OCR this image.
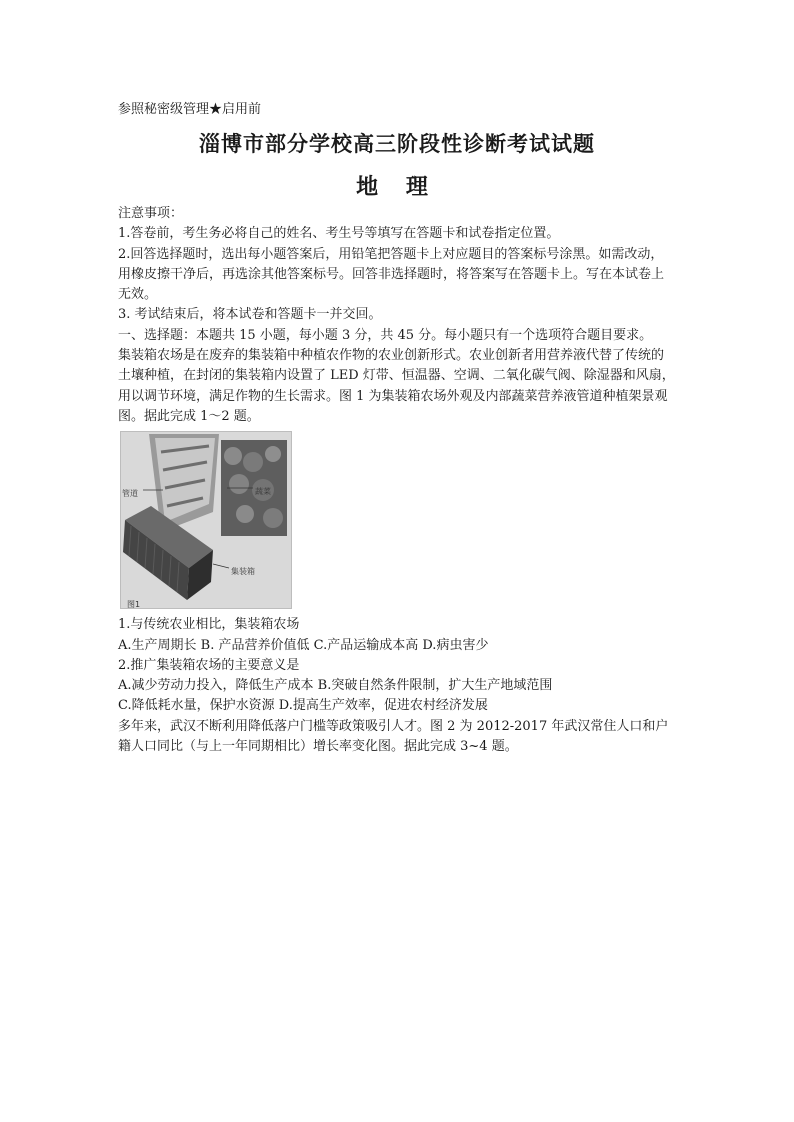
参照秘密级管理★启用前
淄博市部分学校高三阶段性诊断考试试题
地 理

注意事项：

1.答卷前，考生务必将自己的姓名、考生号等填写在答题卡和试卷指定位置。

2.回答选择题时，选出每小题答案后，用铅笔把答题卡上对应题目的答案标号涂黑。如需改动，用橡皮擦干净后，再选涂其他答案标号。回答非选择题时，将答案写在答题卡上。写在本试卷上无效。

3. 考试结束后，将本试卷和答题卡一并交回。

一、选择题：本题共 15 小题，每小题 3 分，共 45 分。每小题只有一个选项符合题目要求。

集装箱农场是在废弃的集装箱中种植农作物的农业创新形式。农业创新者用营养液代替了传统的土壤种植，在封闭的集装箱内设置了 LED 灯带、恒温器、空调、二氧化碳气阀、除湿器和风扇，用以调节环境，满足作物的生长需求。图 1 为集装箱农场外观及内部蔬菜营养液管道种植架景观图。据此完成 1～2 题。

管道	蔬菜
集装箱
图1

1.与传统农业相比，集装箱农场

A.生产周期长 B. 产品营养价值低 C.产品运输成本高 D.病虫害少

2.推广集装箱农场的主要意义是

A.减少劳动力投入，降低生产成本 B.突破自然条件限制，扩大生产地域范围

C.降低耗水量，保护水资源 D.提高生产效率，促进农村经济发展

多年来，武汉不断利用降低落户门槛等政策吸引人才。图 2 为 2012-2017 年武汉常住人口和户籍人口同比（与上一年同期相比）增长率变化图。据此完成 3~4 题。
